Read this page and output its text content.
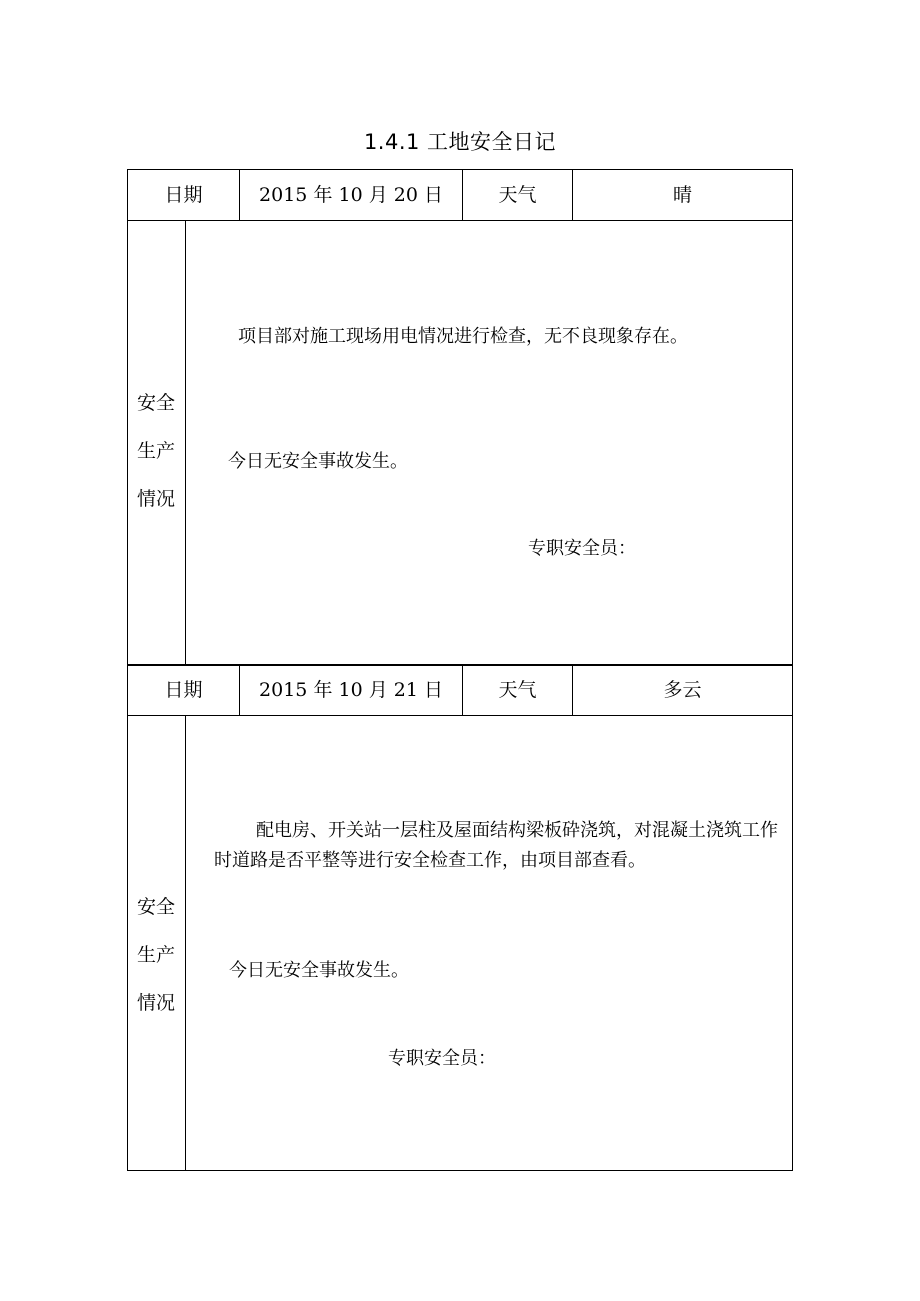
1.4.1 工地安全日记
日期	2015 年 10 月 20 日	天气	晴
安全
生产
情况

项目部对施工现场用电情况进行检查，无不良现象存在。

今日无安全事故发生。

专职安全员：

日期	2015 年 10 月 21 日	天气	多云
安全
生产
情况

配电房、开关站一层柱及屋面结构梁板砕浇筑，对混凝土浇筑工作时道路是否平整等进行安全检查工作，由项目部查看。

今日无安全事故发生。

专职安全员：
